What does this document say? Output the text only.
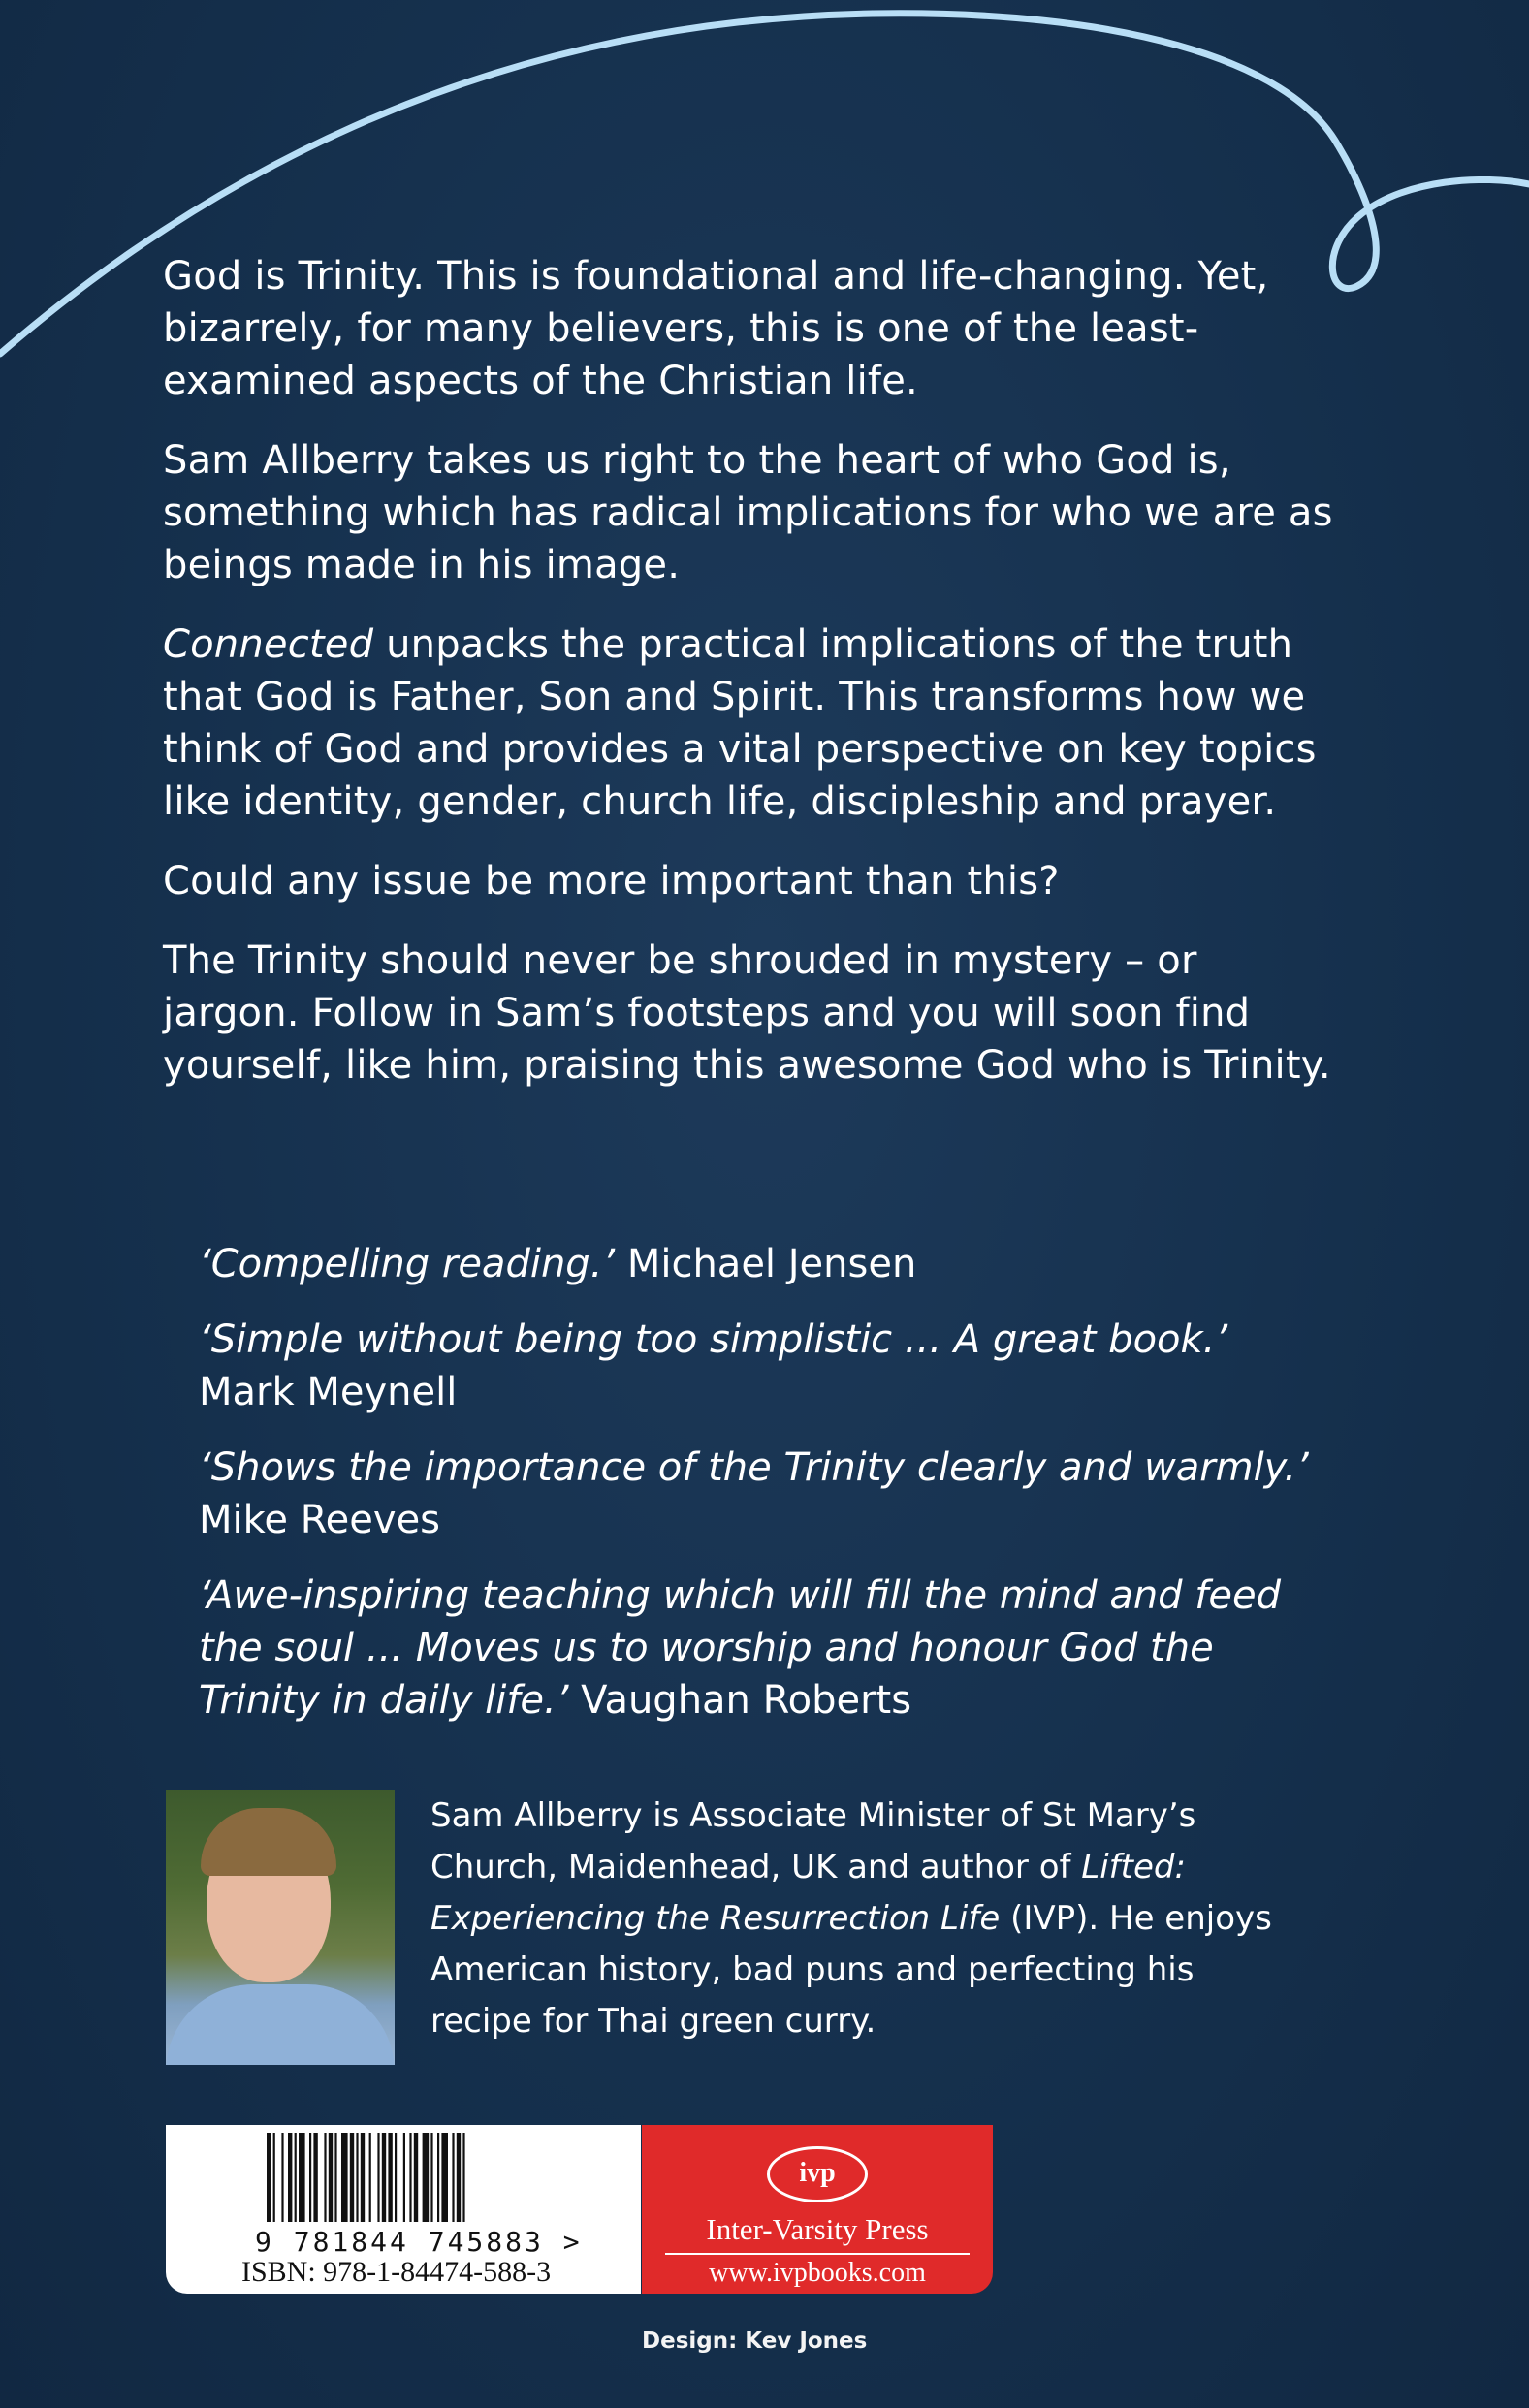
God is Trinity. This is foundational and life-changing. Yet, bizarrely, for many believers, this is one of the least-examined aspects of the Christian life.

Sam Allberry takes us right to the heart of who God is, something which has radical implications for who we are as beings made in his image.

Connected unpacks the practical implications of the truth that God is Father, Son and Spirit. This transforms how we think of God and provides a vital perspective on key topics like identity, gender, church life, discipleship and prayer.

Could any issue be more important than this?

The Trinity should never be shrouded in mystery – or jargon. Follow in Sam’s footsteps and you will soon find yourself, like him, praising this awesome God who is Trinity.

‘Compelling reading.’ Michael Jensen

‘Simple without being too simplistic ... A great book.’ Mark Meynell

‘Shows the importance of the Trinity clearly and warmly.’ Mike Reeves

‘Awe-inspiring teaching which will fill the mind and feed the soul ... Moves us to worship and honour God the Trinity in daily life.’ Vaughan Roberts

Sam Allberry is Associate Minister of St Mary’s Church, Maidenhead, UK and author of Lifted: Experiencing the Resurrection Life (IVP). He enjoys American history, bad puns and perfecting his recipe for Thai green curry.

9 781844 745883 >
ISBN: 978-1-84474-588-3
ivp
Inter-Varsity Press
www.ivpbooks.com
Design: Kev Jones
